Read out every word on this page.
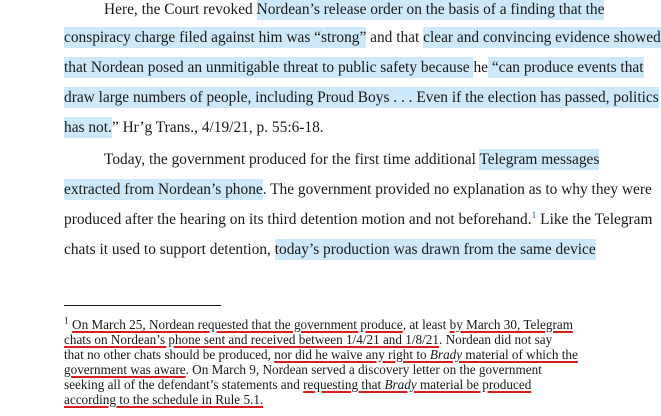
Here, the Court revoked Nordean’s release order on the basis of a finding that the
conspiracy charge filed against him was “strong” and that clear and convincing evidence showed
that Nordean posed an unmitigable threat to public safety because he “can produce events that
draw large numbers of people, including Proud Boys . . . Even if the election has passed, politics
has not.” Hr’g Trans., 4/19/21, p. 55:6-18.
Today, the government produced for the first time additional Telegram messages
extracted from Nordean’s phone. The government provided no explanation as to why they were
produced after the hearing on its third detention motion and not beforehand.$^1$ Like the Telegram
chats it used to support detention, today’s production was drawn from the same device
$^1$ On March 25, Nordean requested that the government produce, at least by March 30, Telegram
chats on Nordean’s phone sent and received between 1/4/21 and 1/8/21. Nordean did not say
that no other chats should be produced, nor did he waive any right to Brady material of which the
government was aware. On March 9, Nordean served a discovery letter on the government
seeking all of the defendant’s statements and requesting that Brady material be produced
according to the schedule in Rule 5.1.
